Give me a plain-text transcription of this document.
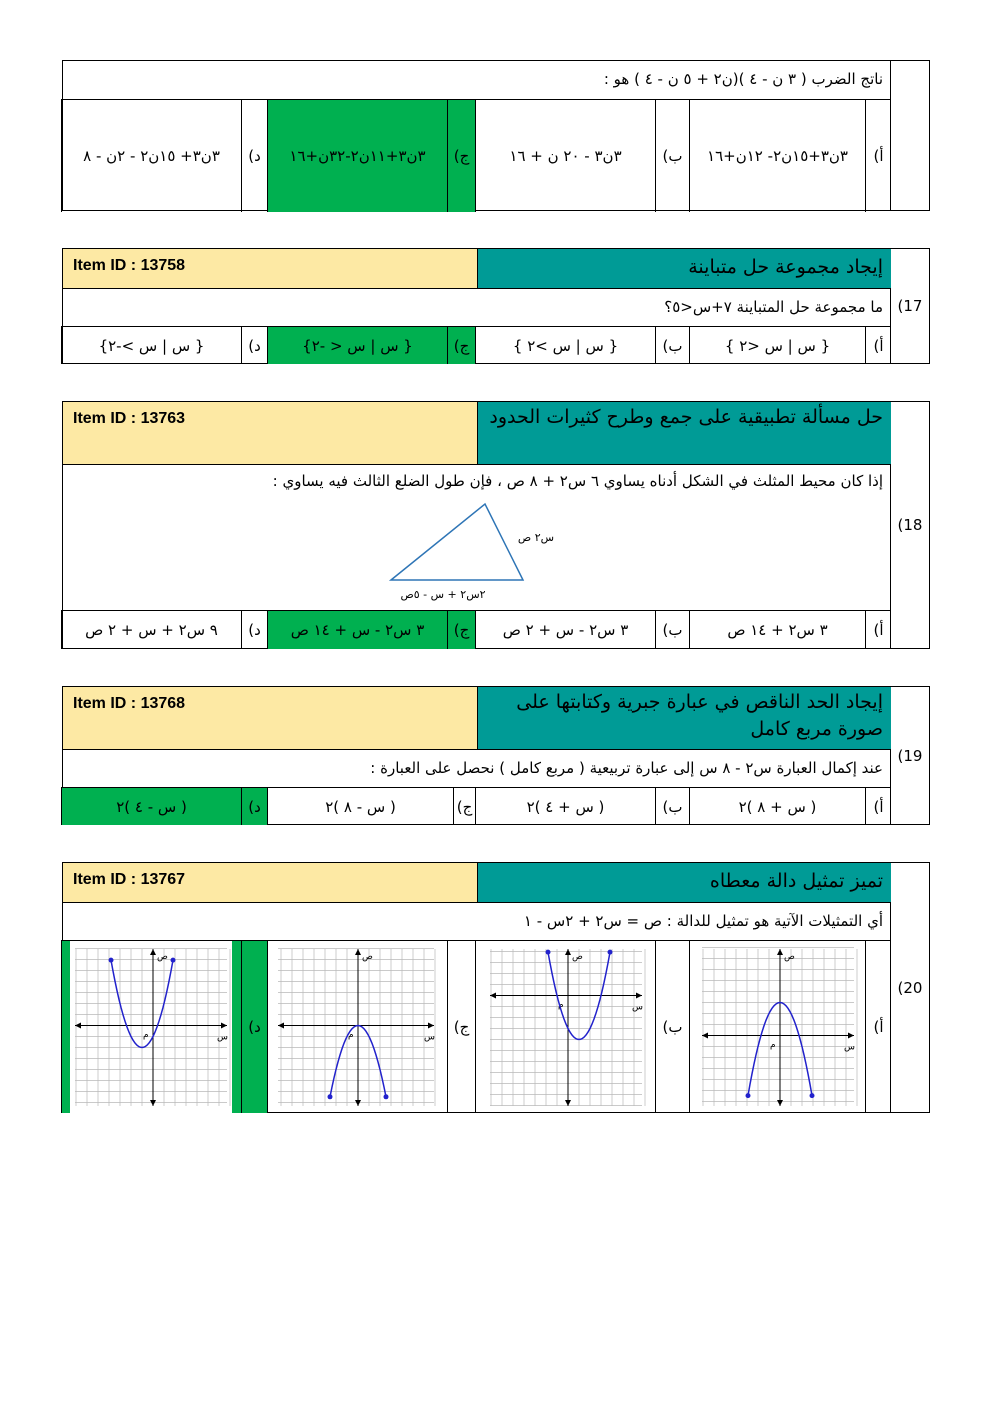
ناتج الضرب ( ٣ ن - ٤ )(ن٢ + ٥ ن - ٤ ) هو :
أ)
٣ن٣+١٥ن٢- ١٢ن+١٦
ب)
٣ن٣ - ٢٠ ن + ١٦
ج)
٣ن٣+١١ن٢-٣٢ن+١٦
د)
٣ن٣+ ١٥ن٢ - ٢ن - ٨
17)
إيجاد مجموعة حل متباينة
Item ID : 13758
ما مجموعة حل المتباينة ٧+س<٥؟
أ)
{ س | س <٢ }
ب)
{ س | س >٢ }
ج)
{ س | س < -٢}
د)
{ س | س >-٢}
18)
حل مسألة تطبيقية على جمع وطرح كثيرات الحدود
Item ID : 13763
إذا كان محيط المثلث في الشكل أدناه يساوي ٦ س٢ + ٨ ص ، فإن طول الضلع الثالث فيه يساوي :
س٢ ص
٢س٢ + س - ٥ص
أ)
٣ س٢ + ١٤ ص
ب)
٣ س٢ - س + ٢ ص
ج)
٣ س٢ - س + ١٤ ص
د)
٩ س٢ + س + ٢ ص
19)
إيجاد الحد الناقص في عبارة جبرية وكتابتها على صورة مربع كامل
Item ID : 13768
عند إكمال العبارة س٢ - ٨ س إلى عبارة تربيعية ( مربع كامل ) نحصل على العبارة :
أ)
( س + ٨ )٢
ب)
( س + ٤ )٢
ج)
( س - ٨ )٢
د)
( س - ٤ )٢
20)
تميز تمثيل دالة معطاه
Item ID : 13767
أي التمثيلات الآتية هو تمثيل للدالة : ص = س٢ + ٢س - ١
أ)
س
ص
م
ب)
س
ص
م
ج)
س
ص
م
د)
س
ص
م
